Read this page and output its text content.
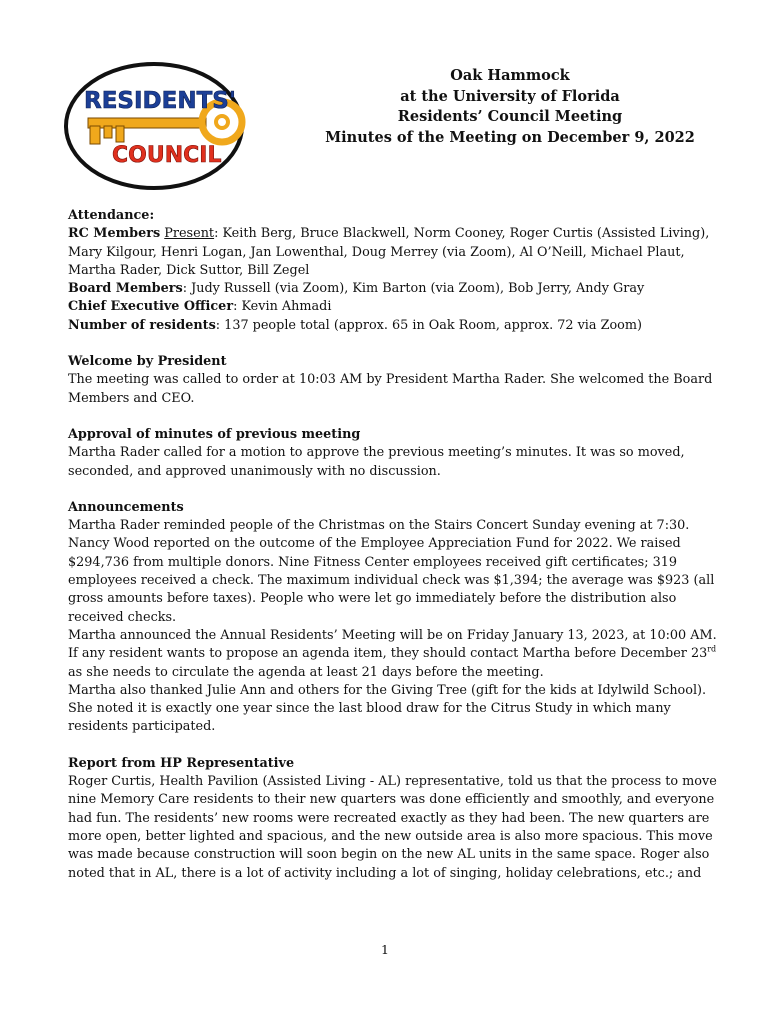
RESIDENTS'
COUNCIL
Oak Hammock
at the University of Florida
Residents’ Council Meeting
Minutes of the Meeting on December 9, 2022

Attendance:

RC Members Present: Keith Berg, Bruce Blackwell, Norm Cooney, Roger Curtis (Assisted Living), Mary Kilgour, Henri Logan, Jan Lowenthal, Doug Merrey (via Zoom), Al O’Neill, Michael Plaut, Martha Rader, Dick Suttor, Bill Zegel

Board Members: Judy Russell (via Zoom), Kim Barton (via Zoom), Bob Jerry, Andy Gray

Chief Executive Officer: Kevin Ahmadi

Number of residents: 137 people total (approx. 65 in Oak Room, approx. 72 via Zoom)

Welcome by President

The meeting was called to order at 10:03 AM by President Martha Rader. She welcomed the Board Members and CEO.

Approval of minutes of previous meeting

Martha Rader called for a motion to approve the previous meeting’s minutes. It was so moved, seconded, and approved unanimously with no discussion.

Announcements

Martha Rader reminded people of the Christmas on the Stairs Concert Sunday evening at 7:30.

Nancy Wood reported on the outcome of the Employee Appreciation Fund for 2022. We raised $294,736 from multiple donors. Nine Fitness Center employees received gift certificates; 319 employees received a check. The maximum individual check was $1,394; the average was $923 (all gross amounts before taxes). People who were let go immediately before the distribution also received checks.

Martha announced the Annual Residents’ Meeting will be on Friday January 13, 2023, at 10:00 AM. If any resident wants to propose an agenda item, they should contact Martha before December 23rd as she needs to circulate the agenda at least 21 days before the meeting.

Martha also thanked Julie Ann and others for the Giving Tree (gift for the kids at Idylwild School). She noted it is exactly one year since the last blood draw for the Citrus Study in which many residents participated.

Report from HP Representative

Roger Curtis, Health Pavilion (Assisted Living - AL) representative, told us that the process to move nine Memory Care residents to their new quarters was done efficiently and smoothly, and everyone had fun. The residents’ new rooms were recreated exactly as they had been. The new quarters are more open, better lighted and spacious, and the new outside area is also more spacious. This move was made because construction will soon begin on the new AL units in the same space. Roger also noted that in AL, there is a lot of activity including a lot of singing, holiday celebrations, etc.; and

1
